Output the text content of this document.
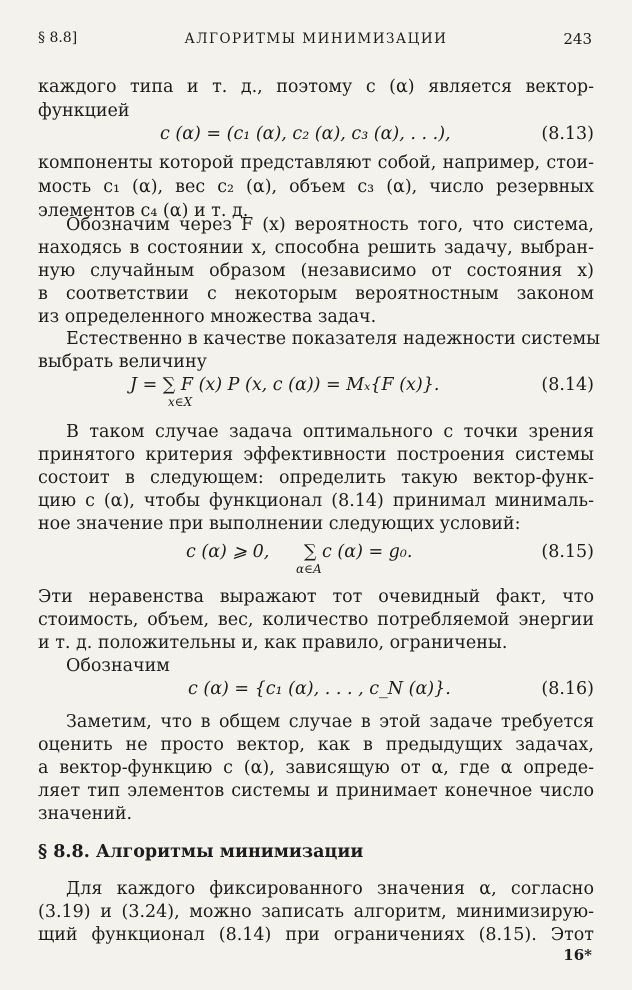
§ 8.8]	АЛГОРИТМЫ МИНИМИЗАЦИИ	243
каждого типа и т. д., поэтому c (α) является вектор-
функцией
c (α) = (c₁ (α), c₂ (α), c₃ (α), . . .),	(8.13)
компоненты которой представляют собой, например, стои-
мость c₁ (α), вес c₂ (α), объем c₃ (α), число резервных
элементов c₄ (α) и т. д.
Обозначим через F (x) вероятность того, что система,
находясь в состоянии x, способна решить задачу, выбран-
ную случайным образом (независимо от состояния x)
в соответствии с некоторым вероятностным законом
из определенного множества задач.
Естественно в качестве показателя надежности системы
выбрать величину
J = ∑ F (x) P (x, c (α)) = Mₓ{F (x)}.
x∈X
(8.14)
В таком случае задача оптимального с точки зрения
принятого критерия эффективности построения системы
состоит в следующем: определить такую вектор-функ-
цию c (α), чтобы функционал (8.14) принимал минималь-
ное значение при выполнении следующих условий:
c (α) ⩾ 0, ∑ c (α) = g₀.
α∈A
(8.15)
Эти неравенства выражают тот очевидный факт, что
стоимость, объем, вес, количество потребляемой энергии
и т. д. положительны и, как правило, ограничены.
Обозначим
c (α) = {c₁ (α), . . . , c_N (α)}.	(8.16)
Заметим, что в общем случае в этой задаче требуется
оценить не просто вектор, как в предыдущих задачах,
а вектор-функцию c (α), зависящую от α, где α опреде-
ляет тип элементов системы и принимает конечное число
значений.
§ 8.8. Алгоритмы минимизации
Для каждого фиксированного значения α, согласно
(3.19) и (3.24), можно записать алгоритм, минимизирую-
щий функционал (8.14) при ограничениях (8.15). Этот
16*
